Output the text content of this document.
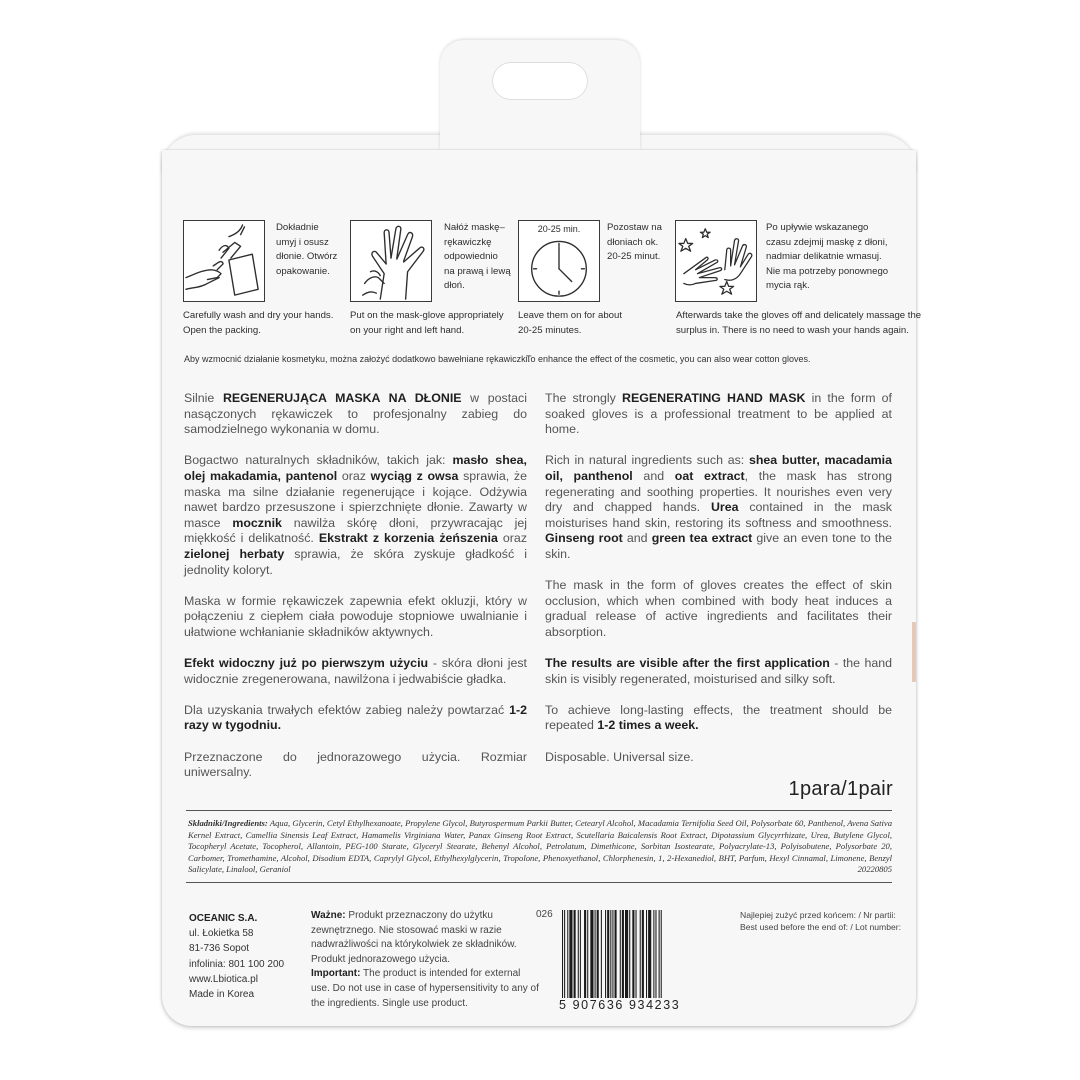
Dokładnie
umyj i osusz
dłonie. Otwórz
opakowanie.
Carefully wash and dry your hands.
Open the packing.
Nałóż maskę–
rękawiczkę
odpowiednio
na prawą i lewą
dłoń.
Put on the mask-glove appropriately
on your right and left hand.
20-25 min.	Pozostaw na
dłoniach ok.
20-25 minut.
Leave them on for about
20-25 minutes.
Po upływie wskazanego
czasu zdejmij maskę z dłoni,
nadmiar delikatnie wmasuj.
Nie ma potrzeby ponownego
mycia rąk.
Afterwards take the gloves off and delicately massage the
surplus in. There is no need to wash your hands again.
Aby wzmocnić działanie kosmetyku, można założyć dodatkowo bawełniane rękawiczki.
To enhance the effect of the cosmetic, you can also wear cotton gloves.

Silnie REGENERUJĄCA MASKA NA DŁONIE w postaci nasączonych rękawiczek to profesjonalny zabieg do samodzielnego wykonania w domu.

Bogactwo naturalnych składników, takich jak: masło shea, olej makadamia, pantenol oraz wyciąg z owsa sprawia, że maska ma silne działanie regenerujące i kojące. Odżywia nawet bardzo przesuszone i spierzchnięte dłonie. Zawarty w masce mocznik nawilża skórę dłoni, przywracając jej miękkość i delikatność. Ekstrakt z korzenia żeńszenia oraz zielonej herbaty sprawia, że skóra zyskuje gładkość i jednolity koloryt.

Maska w formie rękawiczek zapewnia efekt okluzji, który w połączeniu z ciepłem ciała powoduje stopniowe uwalnianie i ułatwione wchłanianie składników aktywnych.

Efekt widoczny już po pierwszym użyciu - skóra dłoni jest widocznie zregenerowana, nawilżona i jedwabiście gładka.

Dla uzyskania trwałych efektów zabieg należy powtarzać 1-2 razy w tygodniu.

Przeznaczone do jednorazowego użycia. Rozmiar uniwersalny.

The strongly REGENERATING HAND MASK in the form of soaked gloves is a professional treatment to be applied at home.

Rich in natural ingredients such as: shea butter, macadamia oil, panthenol and oat extract, the mask has strong regenerating and soothing properties. It nourishes even very dry and chapped hands. Urea contained in the mask moisturises hand skin, restoring its softness and smoothness. Ginseng root and green tea extract give an even tone to the skin.

The mask in the form of gloves creates the effect of skin occlusion, which when combined with body heat induces a gradual release of active ingredients and facilitates their absorption.

The results are visible after the first application - the hand skin is visibly regenerated, moisturised and silky soft.

To achieve long-lasting effects, the treatment should be repeated 1-2 times a week.

Disposable. Universal size.

1para/1pair
Składniki/Ingredients: Aqua, Glycerin, Cetyl Ethylhexanoate, Propylene Glycol, Butyrospermum Parkii Butter, Cetearyl Alcohol, Macadamia Ternifolia Seed Oil, Polysorbate 60, Panthenol, Avena Sativa Kernel Extract, Camellia Sinensis Leaf Extract, Hamamelis Virginiana Water, Panax Ginseng Root Extract, Scutellaria Baicalensis Root Extract, Dipotassium Glycyrrhizate, Urea, Butylene Glycol, Tocopheryl Acetate, Tocopherol, Allantoin, PEG-100 Starate, Glyceryl Stearate, Behenyl Alcohol, Petrolatum, Dimethicone, Sorbitan Isostearate, Polyacrylate-13, Polyisobutene, Polysorbate 20, Carbomer, Tromethamine, Alcohol, Disodium EDTA, Caprylyl Glycol, Ethylhexylglycerin, Tropolone, Phenoxyethanol, Chlorphenesin, 1, 2-Hexanediol, BHT, Parfum, Hexyl Cinnamal, Limonene, Benzyl Salicylate, Linalool, Geraniol	20220805
OCEANIC S.A.
ul. Łokietka 58
81-736 Sopot
infolinia: 801 100 200
www.Lbiotica.pl
Made in Korea
Ważne: Produkt przeznaczony do użytku zewnętrznego. Nie stosować maski w razie nadwrażliwości na którykolwiek ze składników. Produkt jednorazowego użycia.
Important: The product is intended for external use. Do not use in case of hypersensitivity to any of the ingredients. Single use product.
026
5 907636 934233
Najlepiej zużyć przed końcem: / Nr partii:
Best used before the end of: / Lot number:
